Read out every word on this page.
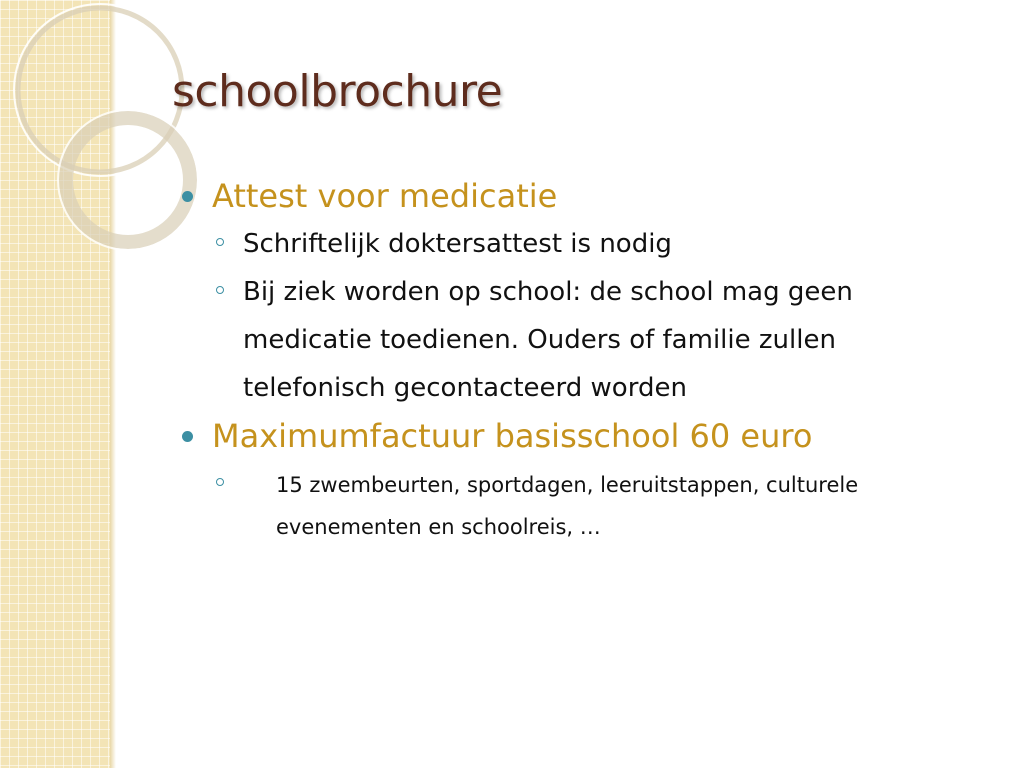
schoolbrochure
Attest voor medicatie
Schriftelijk doktersattest is nodig
Bij ziek worden op school: de school mag geen medicatie toedienen. Ouders of familie zullen telefonisch gecontacteerd worden
Maximumfactuur basisschool 60 euro
15 zwembeurten, sportdagen, leeruitstappen, culturele evenementen en schoolreis, …
